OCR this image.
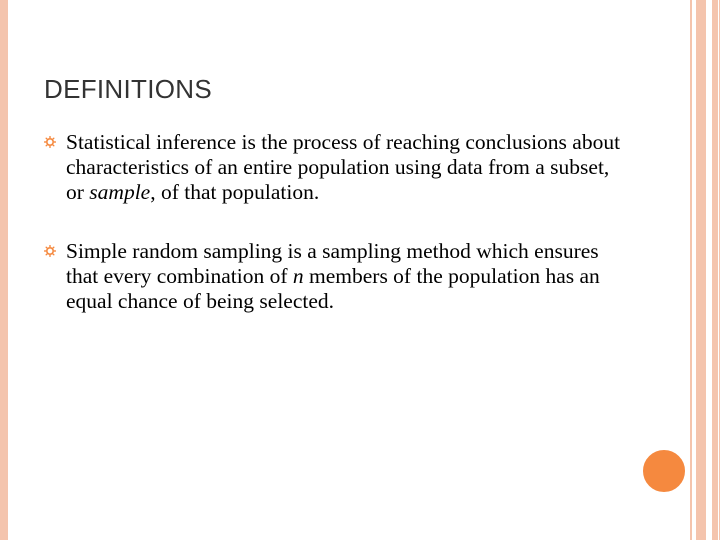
DEFINITIONS
Statistical inference is the process of reaching conclusions about characteristics of an entire population using data from a subset, or sample, of that population.
Simple random sampling is a sampling method which ensures that every combination of n members of the population has an equal chance of being selected.
